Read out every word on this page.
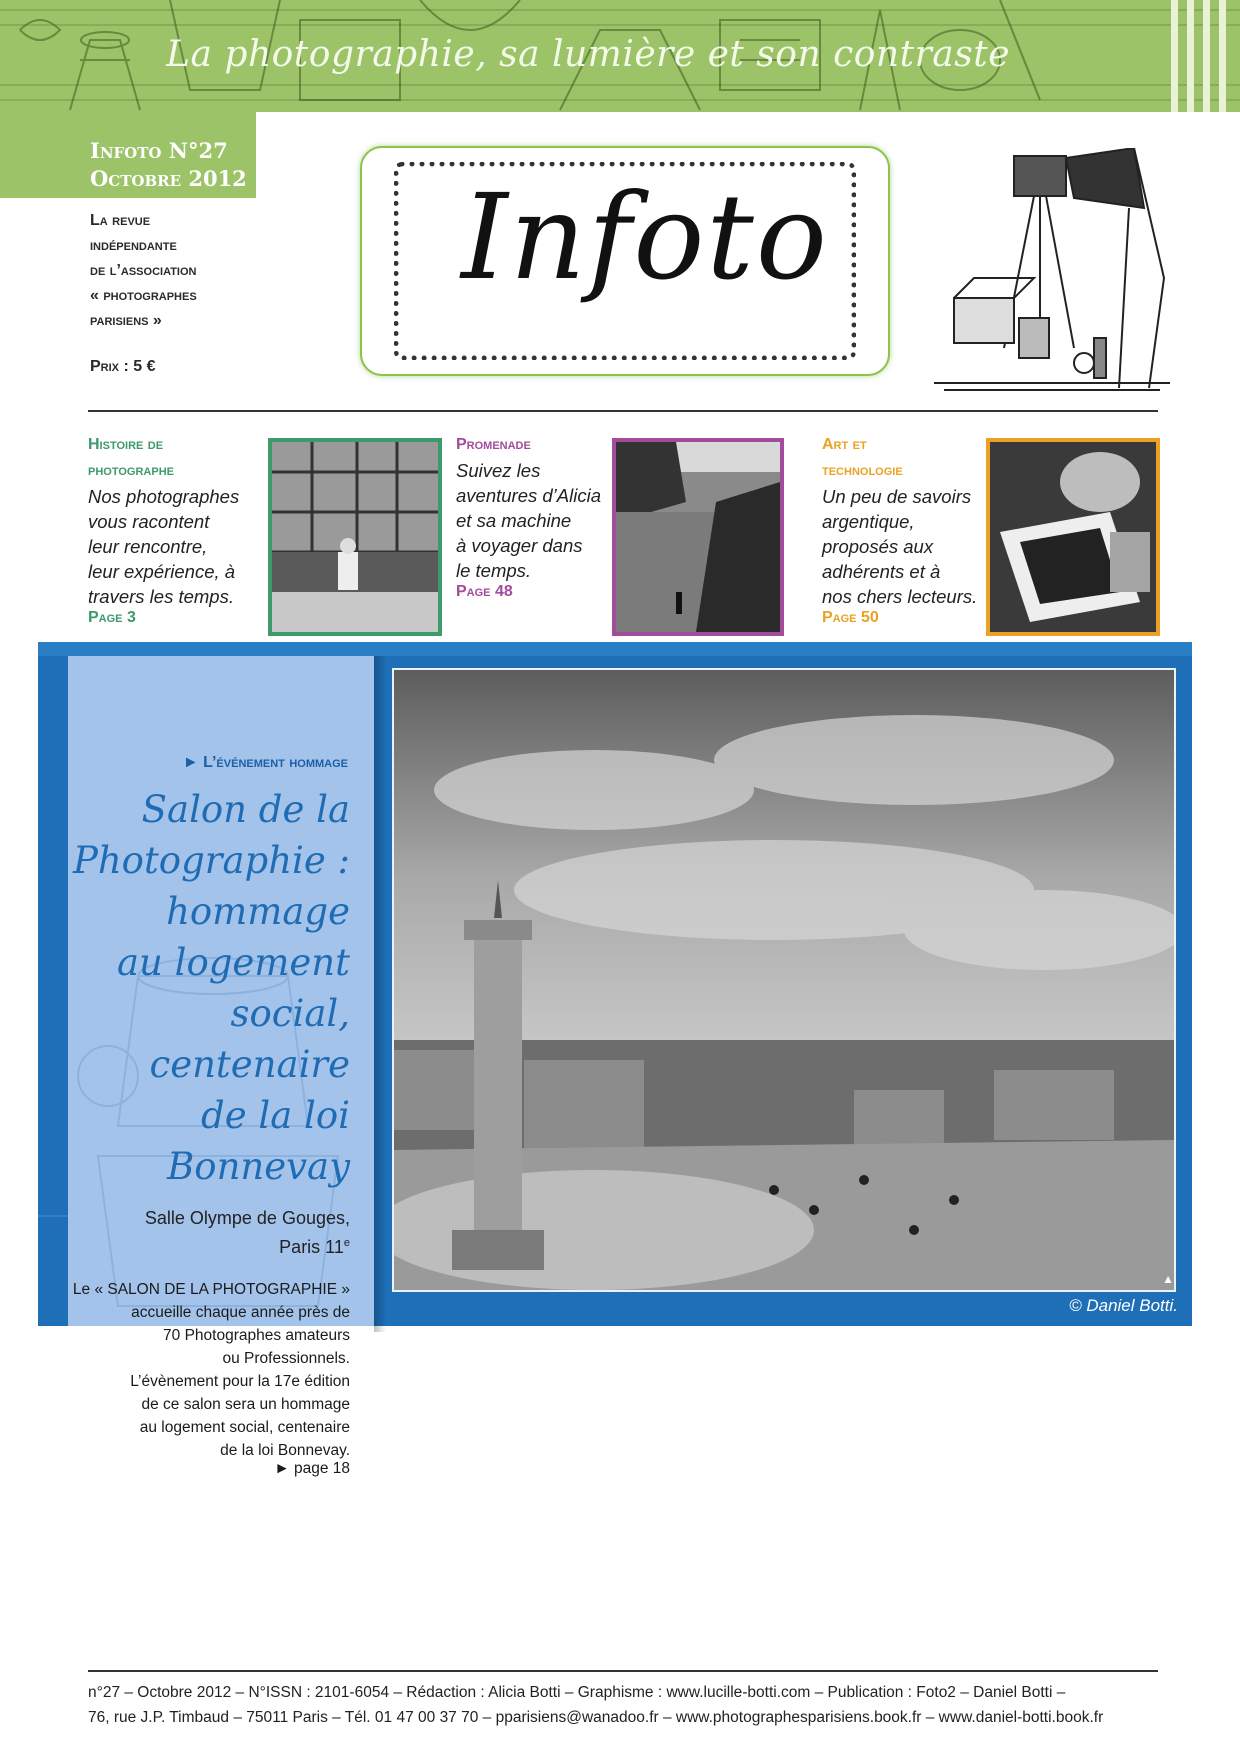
La photographie, sa lumière et son contraste
Infoto N°27
Octobre 2012
La revue
indépendante
de l’association
« photographes
parisiens »
Prix : 5 €
Infoto
Histoire de
photographe
Nos photographes
vous racontent
leur rencontre,
leur expérience, à
travers les temps.
Page 3
Promenade
Suivez les
aventures d’Alicia
et sa machine
à voyager dans
le temps.
Page 48
Art et
technologie
Un peu de savoirs
argentique,
proposés aux
adhérents et à
nos chers lecteurs.
Page 50
► L’événement hommage
Salon de la
Photographie :
hommage
au logement
social,
centenaire
de la loi
Bonnevay
Salle Olympe de Gouges,
Paris 11e
Le « SALON DE LA PHOTOGRAPHIE »
accueille chaque année près de
70 Photographes amateurs
ou Professionnels.
L’évènement pour la 17e édition
de ce salon sera un hommage
au logement social, centenaire
de la loi Bonnevay.
► page 18
▲
© Daniel Botti.
n°27 – Octobre 2012 – N°ISSN : 2101-6054 – Rédaction : Alicia Botti – Graphisme : www.lucille-botti.com – Publication : Foto2 – Daniel Botti –
76, rue J.P. Timbaud – 75011 Paris – Tél. 01 47 00 37 70 – pparisiens@wanadoo.fr – www.photographesparisiens.book.fr – www.daniel-botti.book.fr
